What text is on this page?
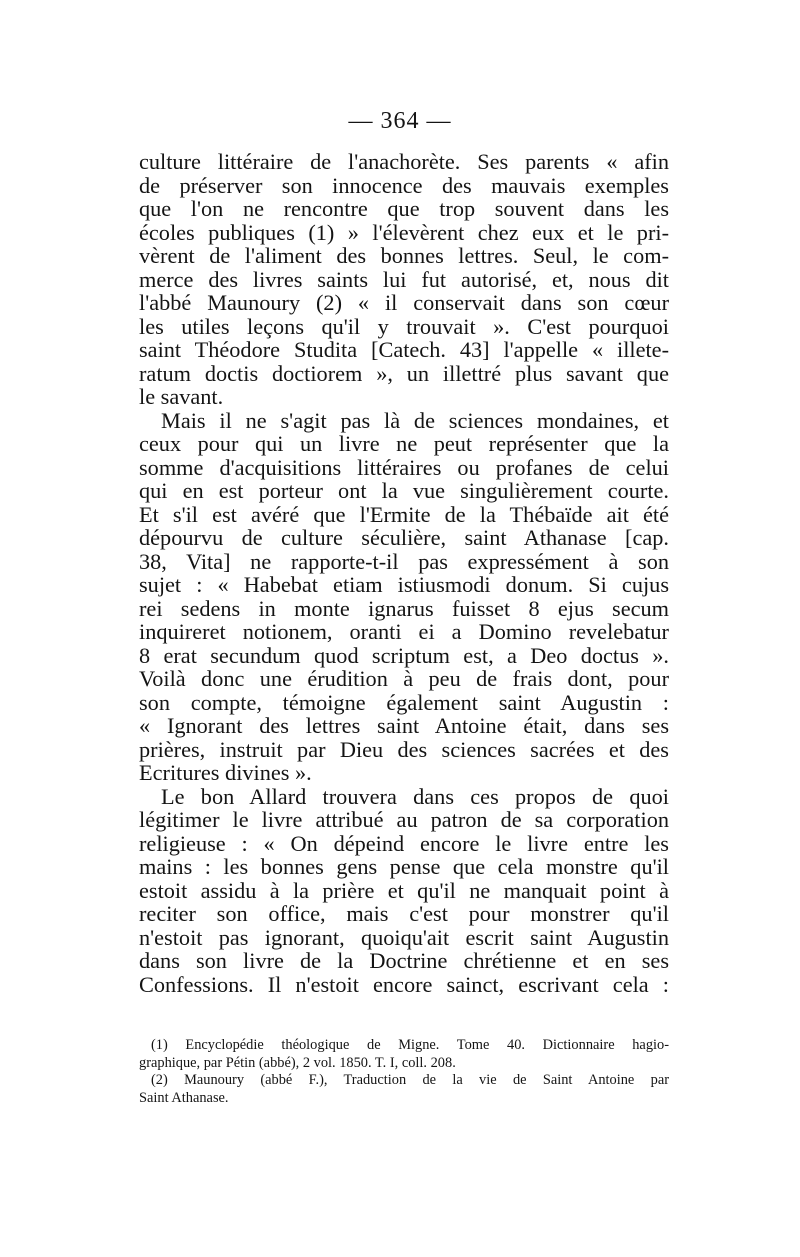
— 364 —
culture littéraire de l'anachorète. Ses parents « afin
de préserver son innocence des mauvais exemples
que l'on ne rencontre que trop souvent dans les
écoles publiques (1) » l'élevèrent chez eux et le pri-
vèrent de l'aliment des bonnes lettres. Seul, le com-
merce des livres saints lui fut autorisé, et, nous dit
l'abbé Maunoury (2) « il conservait dans son cœur
les utiles leçons qu'il y trouvait ». C'est pourquoi
saint Théodore Studita [Catech. 43] l'appelle « illete-
ratum doctis doctiorem », un illettré plus savant que
le savant.
Mais il ne s'agit pas là de sciences mondaines, et
ceux pour qui un livre ne peut représenter que la
somme d'acquisitions littéraires ou profanes de celui
qui en est porteur ont la vue singulièrement courte.
Et s'il est avéré que l'Ermite de la Thébaïde ait été
dépourvu de culture séculière, saint Athanase [cap.
38, Vita] ne rapporte-t-il pas expressément à son
sujet : « Habebat etiam istiusmodi donum. Si cujus
rei sedens in monte ignarus fuisset 8 ejus secum
inquireret notionem, oranti ei a Domino revelebatur
8 erat secundum quod scriptum est, a Deo doctus ».
Voilà donc une érudition à peu de frais dont, pour
son compte, témoigne également saint Augustin :
« Ignorant des lettres saint Antoine était, dans ses
prières, instruit par Dieu des sciences sacrées et des
Ecritures divines ».
Le bon Allard trouvera dans ces propos de quoi
légitimer le livre attribué au patron de sa corporation
religieuse : « On dépeind encore le livre entre les
mains : les bonnes gens pense que cela monstre qu'il
estoit assidu à la prière et qu'il ne manquait point à
reciter son office, mais c'est pour monstrer qu'il
n'estoit pas ignorant, quoiqu'ait escrit saint Augustin
dans son livre de la Doctrine chrétienne et en ses
Confessions. Il n'estoit encore sainct, escrivant cela :
(1) Encyclopédie théologique de Migne. Tome 40. Dictionnaire hagio-
graphique, par Pétin (abbé), 2 vol. 1850. T. I, coll. 208.
(2) Maunoury (abbé F.), Traduction de la vie de Saint Antoine par
Saint Athanase.
